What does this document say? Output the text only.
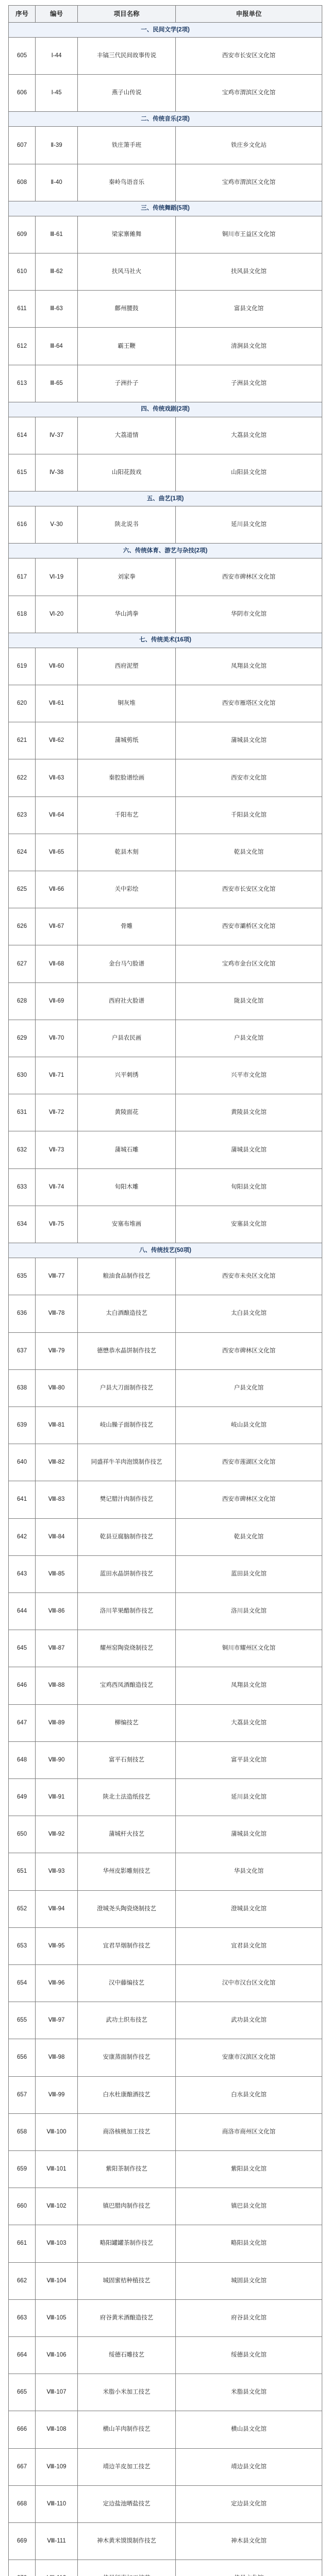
序号	编号	项目名称	申报单位
一、民间文学(2项)			
605	Ⅰ-44	丰镐三代民间故事传说	西安市长安区文化馆
606	Ⅰ-45	燕子山传说	宝鸡市渭滨区文化馆
二、传统音乐(2项)			
607	Ⅱ-39	铁庄箫手班	铁庄乡文化站
608	Ⅱ-40	秦岭鸟语音乐	宝鸡市渭滨区文化馆
三、传统舞蹈(5项)			
609	Ⅲ-61	梁家寨傩舞	铜川市王益区文化馆
610	Ⅲ-62	扶风马社火	扶风县文化馆
611	Ⅲ-63	鄜州腰鼓	富县文化馆
612	Ⅲ-64	霸王鞭	清涧县文化馆
613	Ⅲ-65	子洲扑子	子洲县文化馆
四、传统戏剧(2项)			
614	Ⅳ-37	大荔道情	大荔县文化馆
615	Ⅳ-38	山阳花鼓戏	山阳县文化馆
五、曲艺(1项)			
616	Ⅴ-30	陕北说书	延川县文化馆
六、传统体育、游艺与杂技(2项)			
617	Ⅵ-19	刘家拳	西安市碑林区文化馆
618	Ⅵ-20	华山鸿拳	华阴市文化馆
七、传统美术(16项)			
619	Ⅶ-60	西府泥塑	凤翔县文化馆
620	Ⅶ-61	铜灰堆	西安市雁塔区文化馆
621	Ⅶ-62	蒲城剪纸	蒲城县文化馆
622	Ⅶ-63	秦腔脸谱绘画	西安市文化馆
623	Ⅶ-64	千阳布艺	千阳县文化馆
624	Ⅶ-65	乾县木刻	乾县文化馆
625	Ⅶ-66	关中彩绘	西安市长安区文化馆
626	Ⅶ-67	骨雕	西安市灞桥区文化馆
627	Ⅶ-68	金台马勺脸谱	宝鸡市金台区文化馆
628	Ⅶ-69	西府社火脸谱	陇县文化馆
629	Ⅶ-70	户县农民画	户县文化馆
630	Ⅶ-71	兴平刺绣	兴平市文化馆
631	Ⅶ-72	黄陵面花	黄陵县文化馆
632	Ⅶ-73	蒲城石雕	蒲城县文化馆
633	Ⅶ-74	旬阳木雕	旬阳县文化馆
634	Ⅶ-75	安塞布堆画	安塞县文化馆
八、传统技艺(50项)			
635	Ⅷ-77	粮油食品制作技艺	西安市未央区文化馆
636	Ⅷ-78	太白酒酿造技艺	太白县文化馆
637	Ⅷ-79	德懋恭水晶饼制作技艺	西安市碑林区文化馆
638	Ⅷ-80	户县大刀面制作技艺	户县文化馆
639	Ⅷ-81	岐山臊子面制作技艺	岐山县文化馆
640	Ⅷ-82	同盛祥牛羊肉泡馍制作技艺	西安市莲湖区文化馆
641	Ⅷ-83	樊记腊汁肉制作技艺	西安市碑林区文化馆
642	Ⅷ-84	乾县豆腐脑制作技艺	乾县文化馆
643	Ⅷ-85	蓝田水晶饼制作技艺	蓝田县文化馆
644	Ⅷ-86	洛川苹果醋制作技艺	洛川县文化馆
645	Ⅷ-87	耀州窑陶瓷烧制技艺	铜川市耀州区文化馆
646	Ⅷ-88	宝鸡西凤酒酿造技艺	凤翔县文化馆
647	Ⅷ-89	柳编技艺	大荔县文化馆
648	Ⅷ-90	富平石刻技艺	富平县文化馆
649	Ⅷ-91	陕北土法造纸技艺	延川县文化馆
650	Ⅷ-92	蒲城杆火技艺	蒲城县文化馆
651	Ⅷ-93	华州皮影雕刻技艺	华县文化馆
652	Ⅷ-94	澄城尧头陶瓷烧制技艺	澄城县文化馆
653	Ⅷ-95	宜君旱烟制作技艺	宜君县文化馆
654	Ⅷ-96	汉中藤编技艺	汉中市汉台区文化馆
655	Ⅷ-97	武功土织布技艺	武功县文化馆
656	Ⅷ-98	安康蒸面制作技艺	安康市汉滨区文化馆
657	Ⅷ-99	白水杜康酿酒技艺	白水县文化馆
658	Ⅷ-100	商洛核桃加工技艺	商洛市商州区文化馆
659	Ⅷ-101	紫阳茶制作技艺	紫阳县文化馆
660	Ⅷ-102	镇巴腊肉制作技艺	镇巴县文化馆
661	Ⅷ-103	略阳罐罐茶制作技艺	略阳县文化馆
662	Ⅷ-104	城固蜜桔种植技艺	城固县文化馆
663	Ⅷ-105	府谷黄米酒酿造技艺	府谷县文化馆
664	Ⅷ-106	绥德石雕技艺	绥德县文化馆
665	Ⅷ-107	米脂小米加工技艺	米脂县文化馆
666	Ⅷ-108	横山羊肉制作技艺	横山县文化馆
667	Ⅷ-109	靖边羊皮加工技艺	靖边县文化馆
668	Ⅷ-110	定边盐池晒盐技艺	定边县文化馆
669	Ⅷ-111	神木黄米馍馍制作技艺	神木县文化馆
